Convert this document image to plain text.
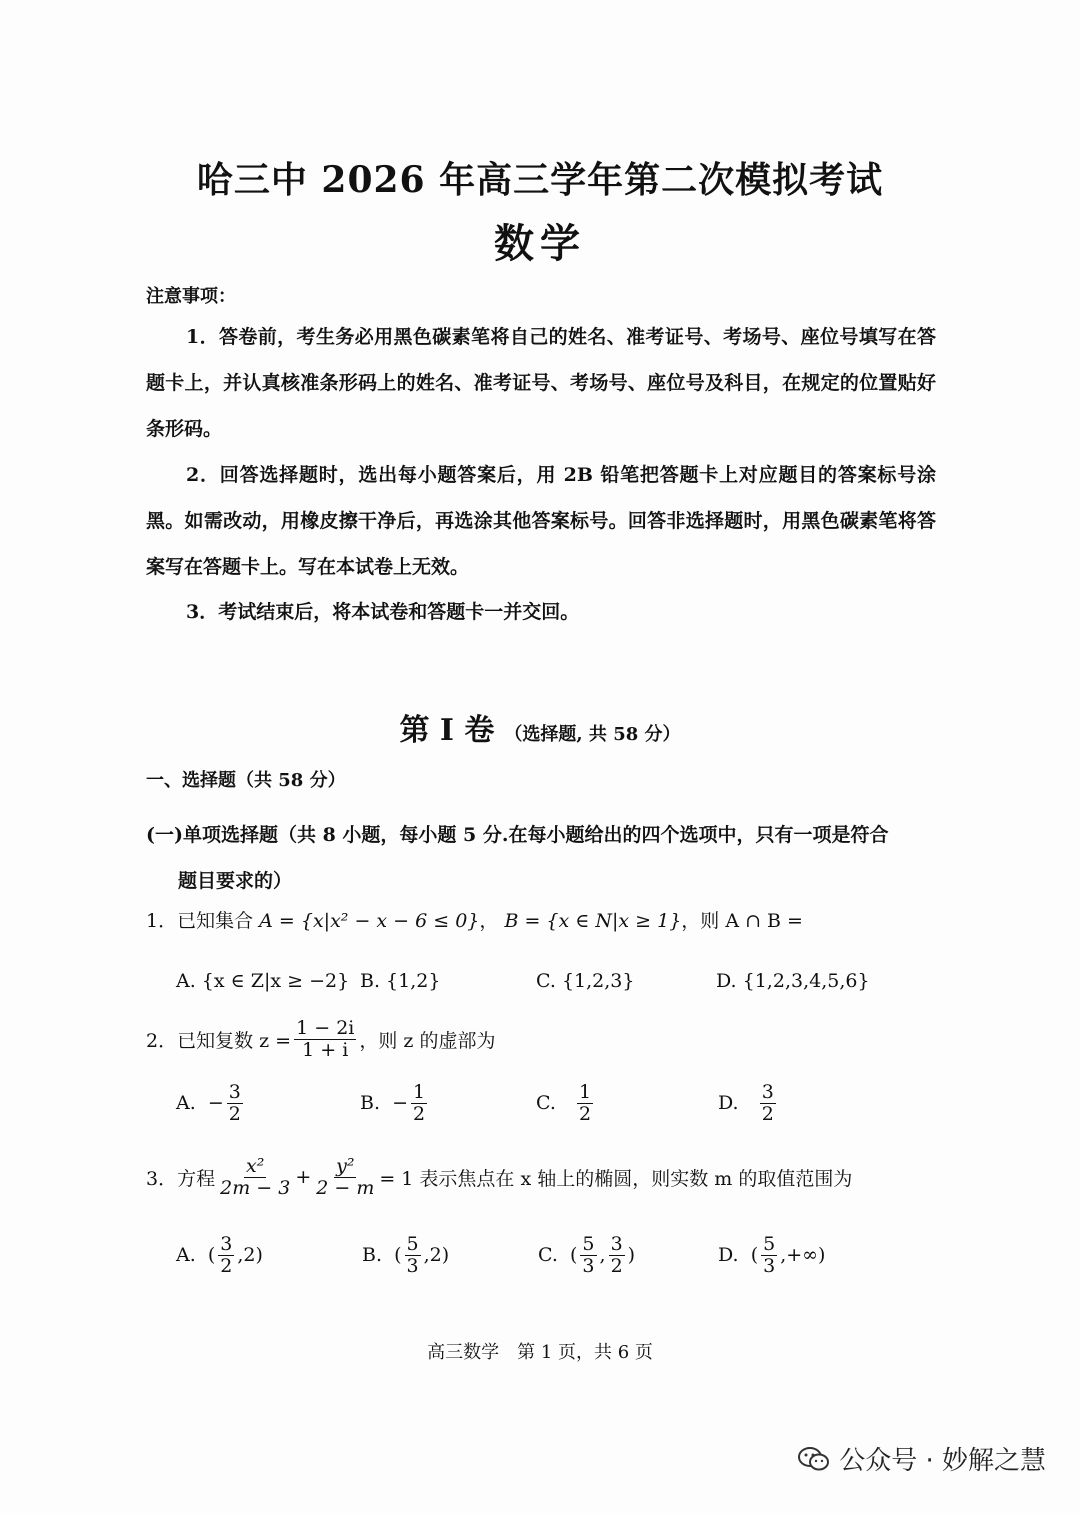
哈三中 2026 年高三学年第二次模拟考试
数学
注意事项：
1．答卷前，考生务必用黑色碳素笔将自己的姓名、准考证号、考场号、座位号填写在答题卡上，并认真核准条形码上的姓名、准考证号、考场号、座位号及科目，在规定的位置贴好条形码。
2．回答选择题时，选出每小题答案后，用 2B 铅笔把答题卡上对应题目的答案标号涂黑。如需改动，用橡皮擦干净后，再选涂其他答案标号。回答非选择题时，用黑色碳素笔将答案写在答题卡上。写在本试卷上无效。
3．考试结束后，将本试卷和答题卡一并交回。
第 I 卷 （选择题, 共 58 分）
一、选择题（共 58 分）
(一)单项选择题（共 8 小题，每小题 5 分.在每小题给出的四个选项中，只有一项是符合
题目要求的）
1．已知集合 A = {x|x² − x − 6 ≤ 0}， B = {x ∈ N|x ≥ 1}，则 A ∩ B =
A. {x ∈ Z|x ≥ −2} B. {1,2}	C. {1,2,3}	D. {1,2,3,4,5,6}
2． 已知复数 $z = \frac{1 - 2i}{1 + i}$ ，则 z 的虚部为
A.
− $\frac{3}{2}$	B.
− $\frac{1}{2}$	C.
$\frac{1}{2}$	D.
$\frac{3}{2}$
3． 方程 $\frac{\text{x²}}{2m - 3} + \frac{\text{y²}}{2 - m} = 1$ 表示焦点在 x 轴上的椭圆，则实数 m 的取值范围为
A.
( $\frac{3}{2} ,2$)	B.
( $\frac{5}{3} ,2$)	C.
( $\frac{5}{3}$ , $\frac{3}{2}$ )	D.
( $\frac{5}{3}$ ,+∞)
高三数学　第 1 页，共 6 页
公众号 · 妙解之慧
